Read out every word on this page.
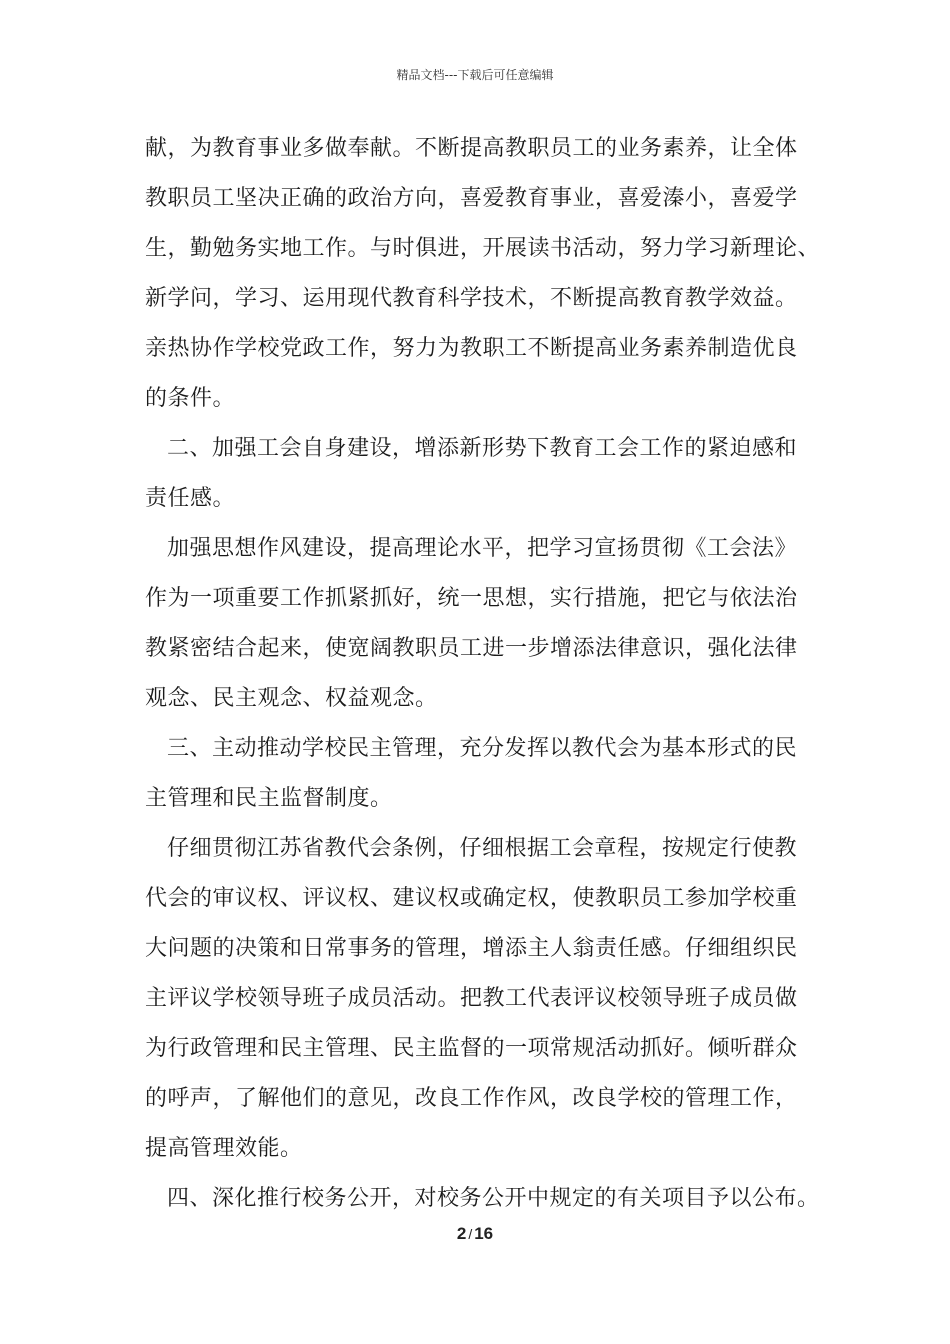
精品文档---下载后可任意编辑
献，为教育事业多做奉献。不断提高教职员工的业务素养，让全体
教职员工坚决正确的政治方向，喜爱教育事业，喜爱溱小，喜爱学
生，勤勉务实地工作。与时俱进，开展读书活动，努力学习新理论、
新学问，学习、运用现代教育科学技术，不断提高教育教学效益。
亲热协作学校党政工作，努力为教职工不断提高业务素养制造优良
的条件。
二、加强工会自身建设，增添新形势下教育工会工作的紧迫感和
责任感。
加强思想作风建设，提高理论水平，把学习宣扬贯彻《工会法》
作为一项重要工作抓紧抓好，统一思想，实行措施，把它与依法治
教紧密结合起来，使宽阔教职员工进一步增添法律意识，强化法律
观念、民主观念、权益观念。
三、主动推动学校民主管理，充分发挥以教代会为基本形式的民
主管理和民主监督制度。
仔细贯彻江苏省教代会条例，仔细根据工会章程，按规定行使教
代会的审议权、评议权、建议权或确定权，使教职员工参加学校重
大问题的决策和日常事务的管理，增添主人翁责任感。仔细组织民
主评议学校领导班子成员活动。把教工代表评议校领导班子成员做
为行政管理和民主管理、民主监督的一项常规活动抓好。倾听群众
的呼声，了解他们的意见，改良工作作风，改良学校的管理工作，
提高管理效能。
四、深化推行校务公开，对校务公开中规定的有关项目予以公布。
2 / 16
